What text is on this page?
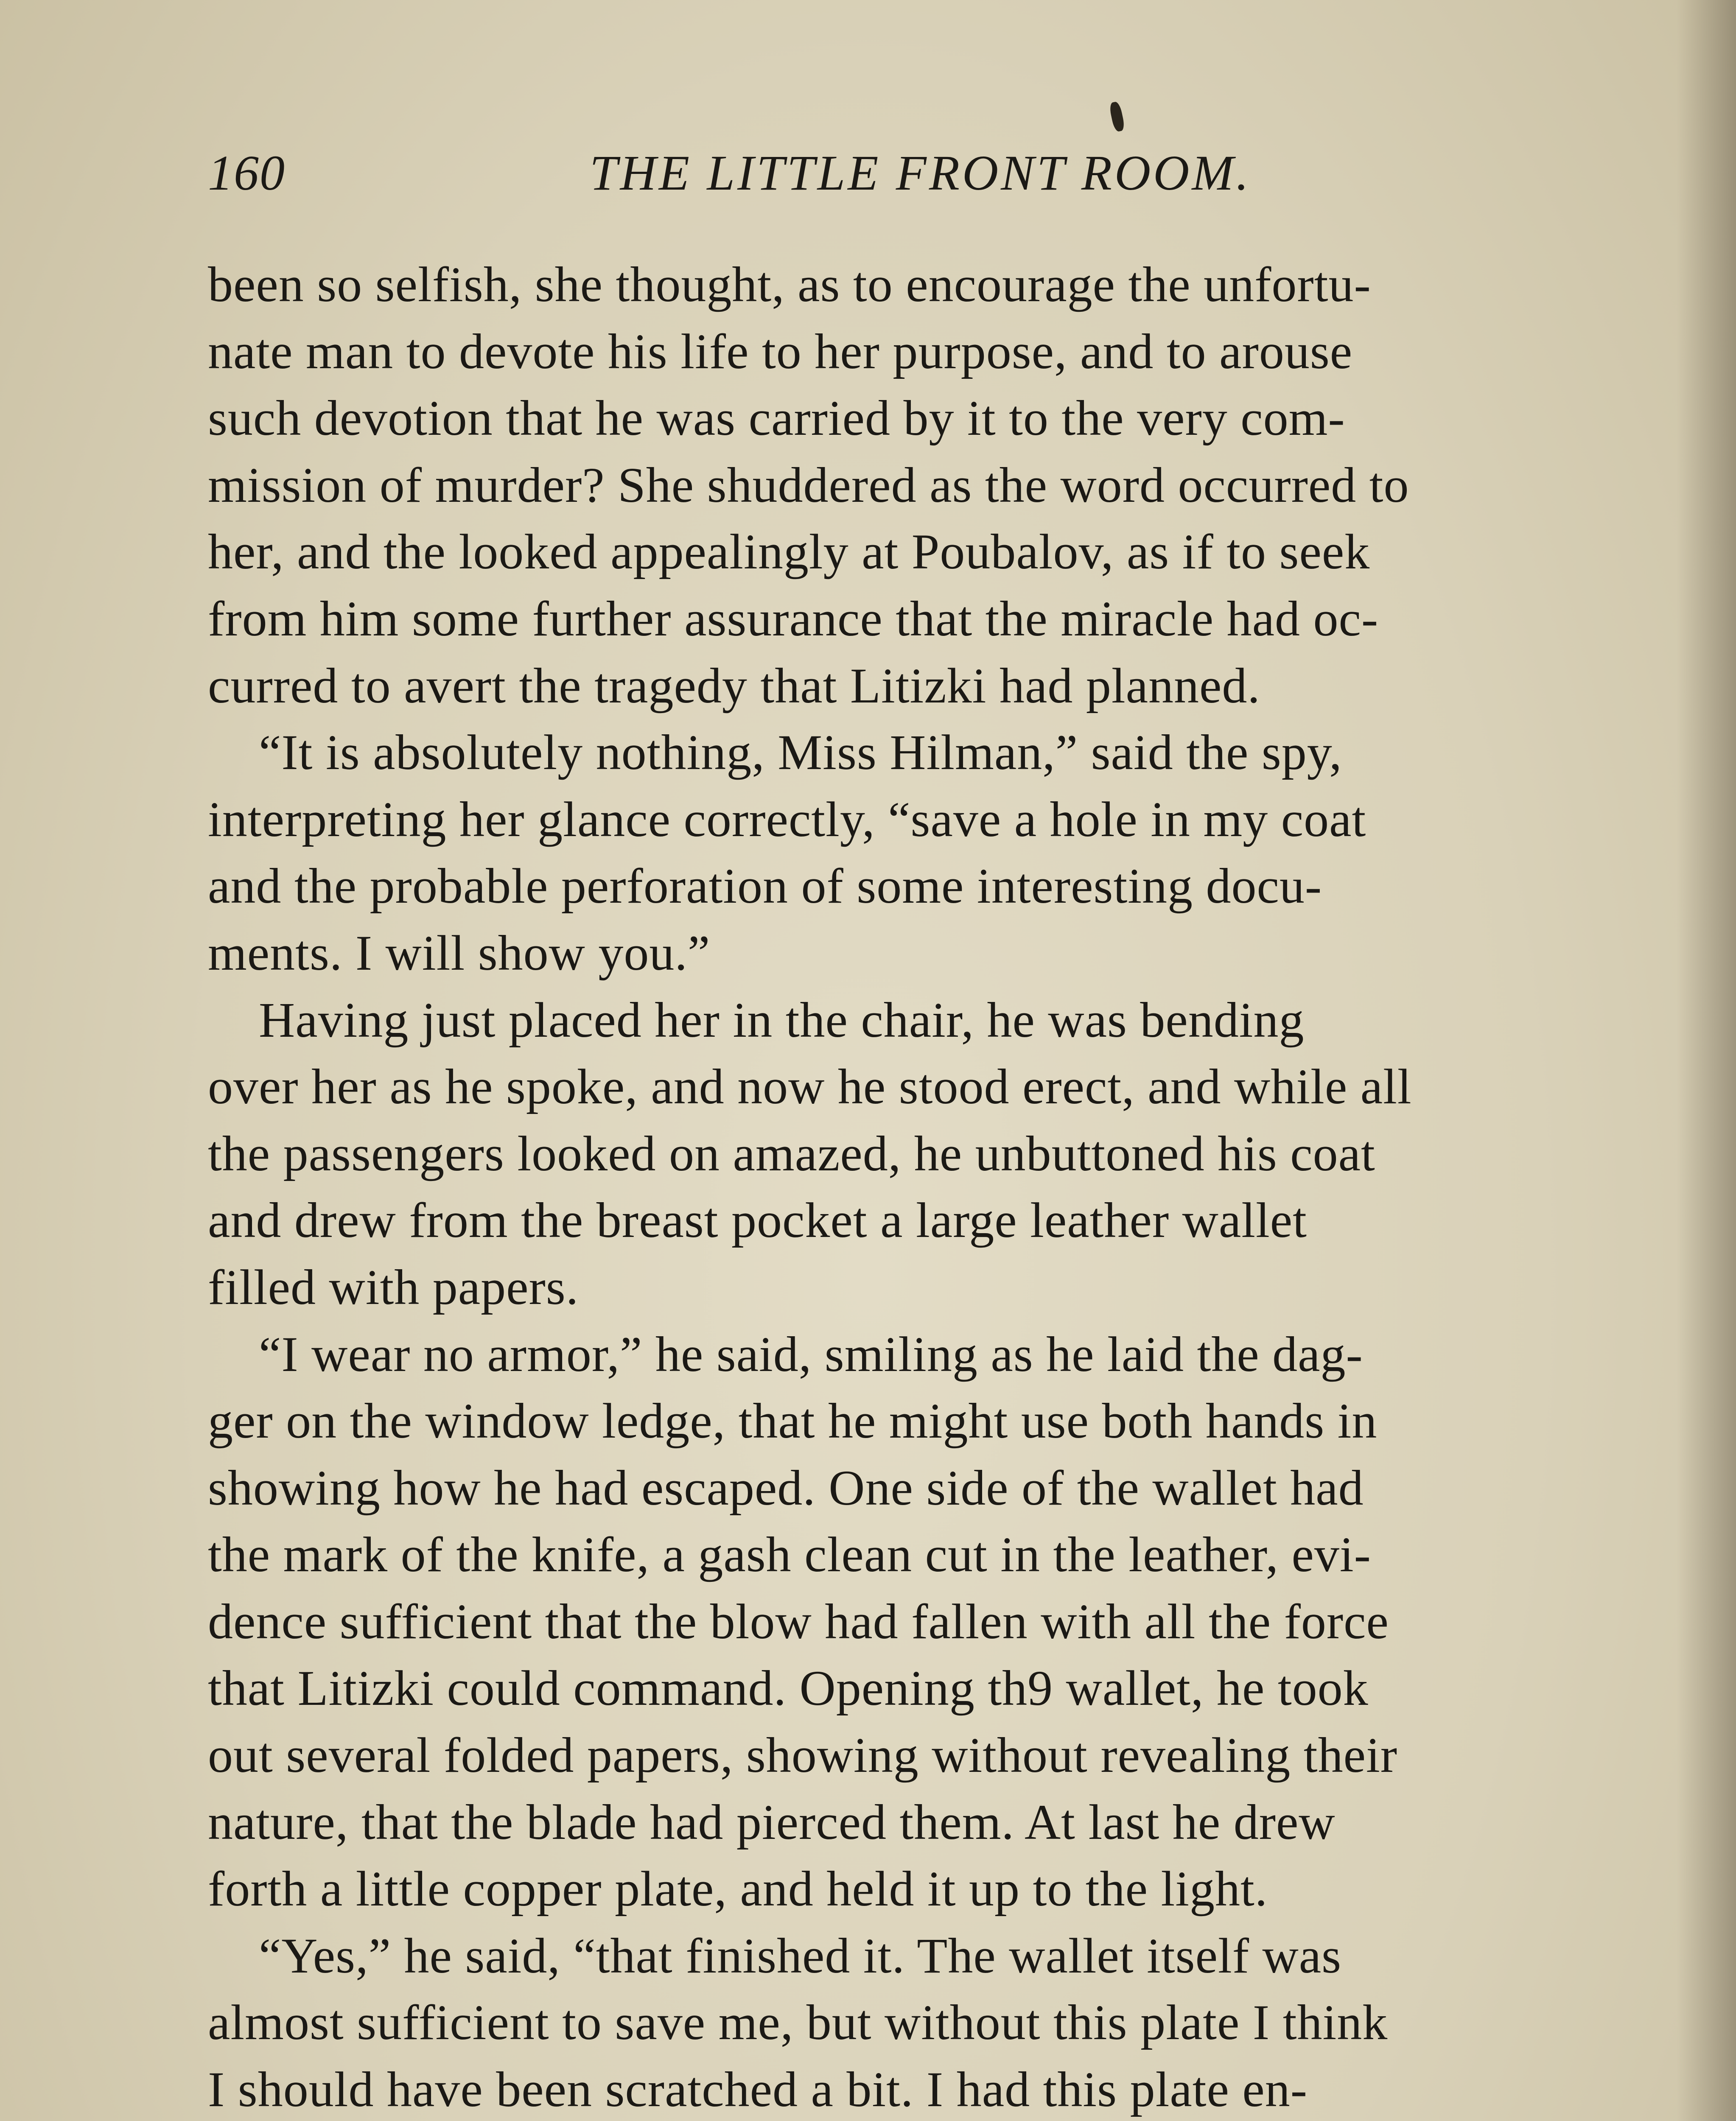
160	THE LITTLE FRONT ROOM.
been so selfish, she thought, as to encourage the unfortu-
nate man to devote his life to her purpose, and to arouse
such devotion that he was carried by it to the very com-
mission of murder? She shuddered as the word occurred to
her, and the looked appealingly at Poubalov, as if to seek
from him some further assurance that the miracle had oc-
curred to avert the tragedy that Litizki had planned.
“It is absolutely nothing, Miss Hilman,” said the spy,
interpreting her glance correctly, “save a hole in my coat
and the probable perforation of some interesting docu-
ments. I will show you.”
Having just placed her in the chair, he was bending
over her as he spoke, and now he stood erect, and while all
the passengers looked on amazed, he unbuttoned his coat
and drew from the breast pocket a large leather wallet
filled with papers.
“I wear no armor,” he said, smiling as he laid the dag-
ger on the window ledge, that he might use both hands in
showing how he had escaped. One side of the wallet had
the mark of the knife, a gash clean cut in the leather, evi-
dence sufficient that the blow had fallen with all the force
that Litizki could command. Opening th9 wallet, he took
out several folded papers, showing without revealing their
nature, that the blade had pierced them. At last he drew
forth a little copper plate, and held it up to the light.
“Yes,” he said, “that finished it. The wallet itself was
almost sufficient to save me, but without this plate I think
I should have been scratched a bit. I had this plate en-
